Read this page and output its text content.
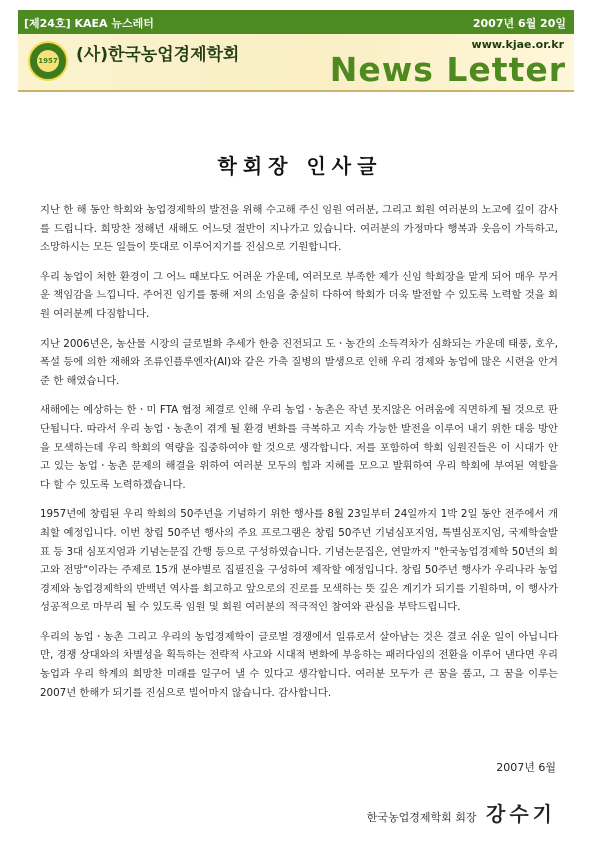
[제24호] KAEA 뉴스레터	2007년 6월 20일
1957 (사)한국농업경제학회
www.kjae.or.kr
News Letter
학회장 인사글

지난 한 해 동안 학회와 농업경제학의 발전을 위해 수고해 주신 임원 여러분, 그리고 회원 여러분의 노고에 깊이 감사를 드립니다. 희망찬 정해년 새해도 어느덧 절반이 지나가고 있습니다. 여러분의 가정마다 행복과 웃음이 가득하고, 소망하시는 모든 일들이 뜻대로 이루어지기를 진심으로 기원합니다.

우리 농업이 처한 환경이 그 어느 때보다도 어려운 가운데, 여러모로 부족한 제가 신임 학회장을 맡게 되어 매우 무거운 책임감을 느낍니다. 주어진 임기를 통해 저의 소임을 충실히 다하여 학회가 더욱 발전할 수 있도록 노력할 것을 회원 여러분께 다짐합니다.

지난 2006년은, 농산물 시장의 글로벌화 추세가 한층 진전되고 도ㆍ농간의 소득격차가 심화되는 가운데 태풍, 호우, 폭설 등에 의한 재해와 조류인플루엔자(AI)와 같은 가축 질병의 발생으로 인해 우리 경제와 농업에 많은 시련을 안겨준 한 해였습니다.

새해에는 예상하는 한ㆍ미 FTA 협정 체결로 인해 우리 농업ㆍ농촌은 작년 못지않은 어려움에 직면하게 될 것으로 판단됩니다. 따라서 우리 농업ㆍ농촌이 겪게 될 환경 변화를 극복하고 지속 가능한 발전을 이루어 내기 위한 대응 방안을 모색하는데 우리 학회의 역량을 집중하여야 할 것으로 생각합니다. 저를 포함하여 학회 임원진들은 이 시대가 안고 있는 농업ㆍ농촌 문제의 해결을 위하여 여러분 모두의 힘과 지혜를 모으고 발휘하여 우리 학회에 부여된 역할을 다 할 수 있도록 노력하겠습니다.

1957년에 창립된 우리 학회의 50주년을 기념하기 위한 행사를 8월 23일부터 24일까지 1박 2일 동안 전주에서 개최할 예정입니다. 이번 창립 50주년 행사의 주요 프로그램은 창립 50주년 기념심포지엄, 특별심포지엄, 국제학술발표 등 3대 심포지엄과 기념논문집 간행 등으로 구성하였습니다. 기념논문집은, 연말까지 "한국농업경제학 50년의 회고와 전망"이라는 주제로 15개 분야별로 집필진을 구성하여 제작할 예정입니다. 창립 50주년 행사가 우리나라 농업경제와 농업경제학의 반백년 역사를 회고하고 앞으로의 진로를 모색하는 뜻 깊은 계기가 되기를 기원하며, 이 행사가 성공적으로 마무리 될 수 있도록 임원 및 회원 여러분의 적극적인 참여와 관심을 부탁드립니다.

우리의 농업ㆍ농촌 그리고 우리의 농업경제학이 글로벌 경쟁에서 일류로서 살아남는 것은 결코 쉬운 일이 아닙니다만, 경쟁 상대와의 차별성을 획득하는 전략적 사고와 시대적 변화에 부응하는 패러다임의 전환을 이루어 낸다면 우리 농업과 우리 학계의 희망찬 미래를 일구어 낼 수 있다고 생각합니다. 여러분 모두가 큰 꿈을 품고, 그 꿈을 이루는 2007년 한해가 되기를 진심으로 빌어마지 않습니다. 감사합니다.

2007년 6월
한국농업경제학회 회장 강수기
